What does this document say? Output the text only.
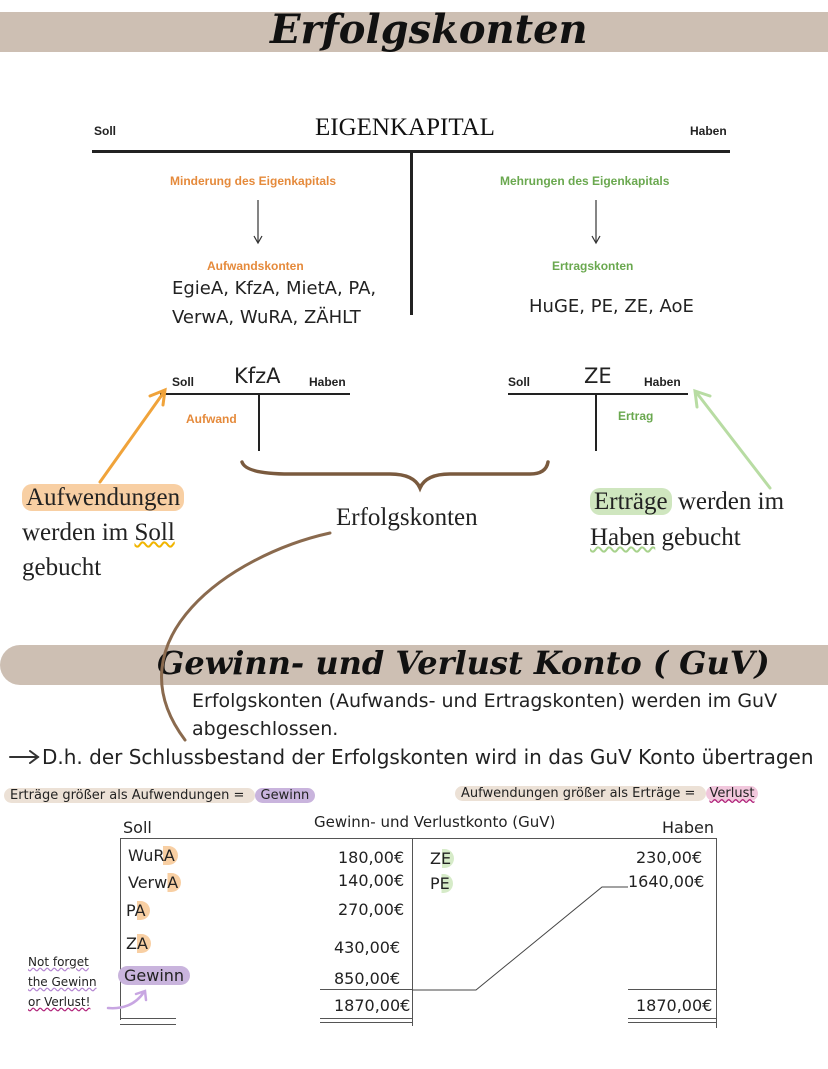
Erfolgskonten
Soll	EIGENKAPITAL	Haben
Minderung des Eigenkapitals	Mehrungen des Eigenkapitals
Aufwandskonten	Ertragskonten
EgieA, KfzA, MietA, PA,
VerwA, WuRA, ZÄHLT
HuGE, PE, ZE, AoE
Soll KfzA Haben
Aufwand
Soll	ZE	Haben
Ertrag
Aufwendungen
werden im Soll
gebucht
Erfolgskonten
Erträge werden im
Haben gebucht
Gewinn- und Verlust Konto ( GuV)
Erfolgskonten (Aufwands- und Ertragskonten) werden im GuV
abgeschlossen.
D.h. der Schlussbestand der Erfolgskonten wird in das GuV Konto übertragen
Erträge größer als Aufwendungen = Gewinn	Aufwendungen größer als Erträge = Verlust
Soll	Gewinn- und Verlustkonto (GuV)	Haben
WuRA	180,00€
VerwA	140,00€
PA	270,00€
ZA	430,00€
Gewinn	850,00€
1870,00€
ZE	230,00€
PE	1640,00€
1870,00€
Not forget
the Gewinn
or Verlust!
